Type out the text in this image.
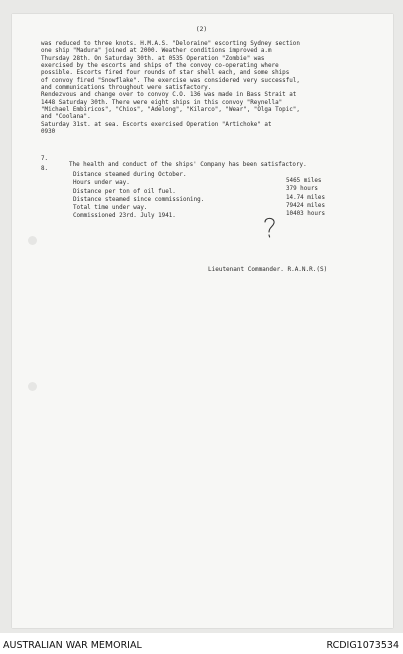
(2)
was reduced to three knots. H.M.A.S. "Deloraine" escorting Sydney section
one ship "Madura" joined at 2000. Weather conditions improved a.m
Thursday 28th. On Saturday 30th. at 0535 Operation "Zombie" was
exercised by the escorts and ships of the convoy co-operating where
possible. Escorts fired four rounds of star shell each, and some ships
of convoy fired "Snowflake". The exercise was considered very successful,
and communications throughout were satisfactory.
Rendezvous and change over to convoy C.O. 136 was made in Bass Strait at
1448 Saturday 30th. There were eight ships in this convoy "Reynella"
"Michael Embiricos", "Chios", "Adelong", "Kilarco", "Wear", "Olga Topic",
and "Coolana".
Saturday 31st. at sea. Escorts exercised Operation "Artichoke" at
0930

7.

The health and conduct of the ships' Company has been satisfactory.

8.

Distance steamed during October.

5465 miles

Hours under way.

379 hours

Distance per ton of oil fuel.

14.74 miles

Distance steamed since commissioning.

79424 miles

Total time under way.

10403 hours

Commissioned 23rd. July 1941.

Lieutenant Commander. R.A.N.R.(S)
AUSTRALIAN WAR MEMORIAL	RCDIG1073534
